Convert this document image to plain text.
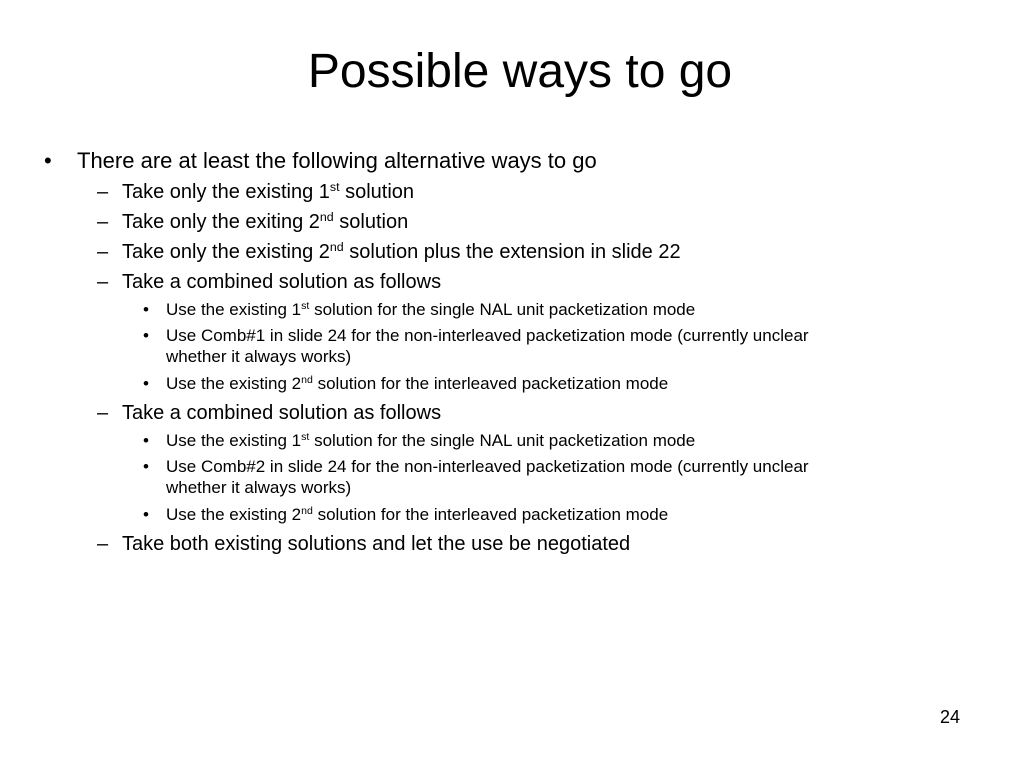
Possible ways to go
• There are at least the following alternative ways to go
– Take only the existing 1st solution
– Take only the exiting 2nd solution
– Take only the existing 2nd solution plus the extension in slide 22
– Take a combined solution as follows
• Use the existing 1st solution for the single NAL unit packetization mode
• Use Comb#1 in slide 24 for the non-interleaved packetization mode (currently unclear
whether it always works)
• Use the existing 2nd solution for the interleaved packetization mode
– Take a combined solution as follows
• Use the existing 1st solution for the single NAL unit packetization mode
• Use Comb#2 in slide 24 for the non-interleaved packetization mode (currently unclear
whether it always works)
• Use the existing 2nd solution for the interleaved packetization mode
– Take both existing solutions and let the use be negotiated
24
